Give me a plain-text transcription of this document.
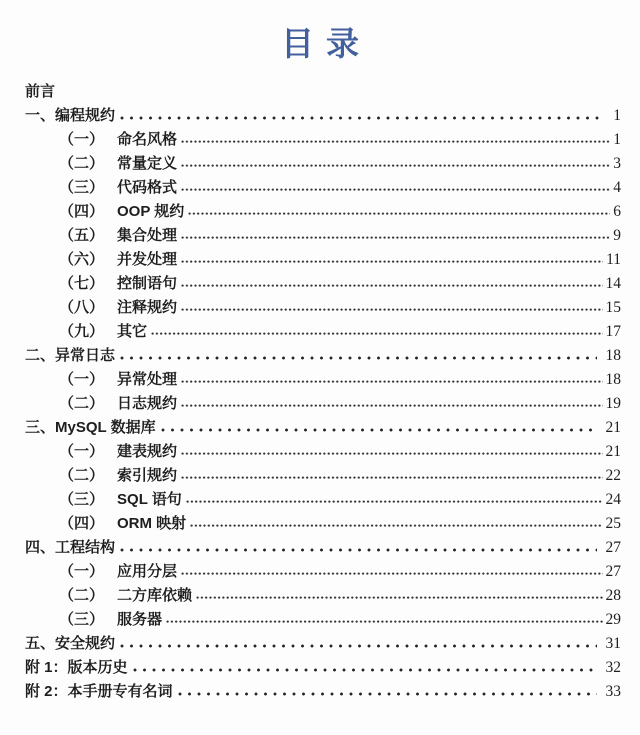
目录
前言
一、编程规约	1
（一） 命名风格	1
（二） 常量定义	3
（三） 代码格式	4
（四） OOP 规约	6
（五） 集合处理	9
（六） 并发处理	11
（七） 控制语句	14
（八） 注释规约	15
（九） 其它	17
二、异常日志	18
（一） 异常处理	18
（二） 日志规约	19
三、MySQL 数据库	21
（一） 建表规约	21
（二） 索引规约	22
（三） SQL 语句	24
（四） ORM 映射	25
四、工程结构	27
（一） 应用分层	27
（二） 二方库依赖	28
（三） 服务器	29
五、安全规约	31
附 1：版本历史	32
附 2：本手册专有名词	33
